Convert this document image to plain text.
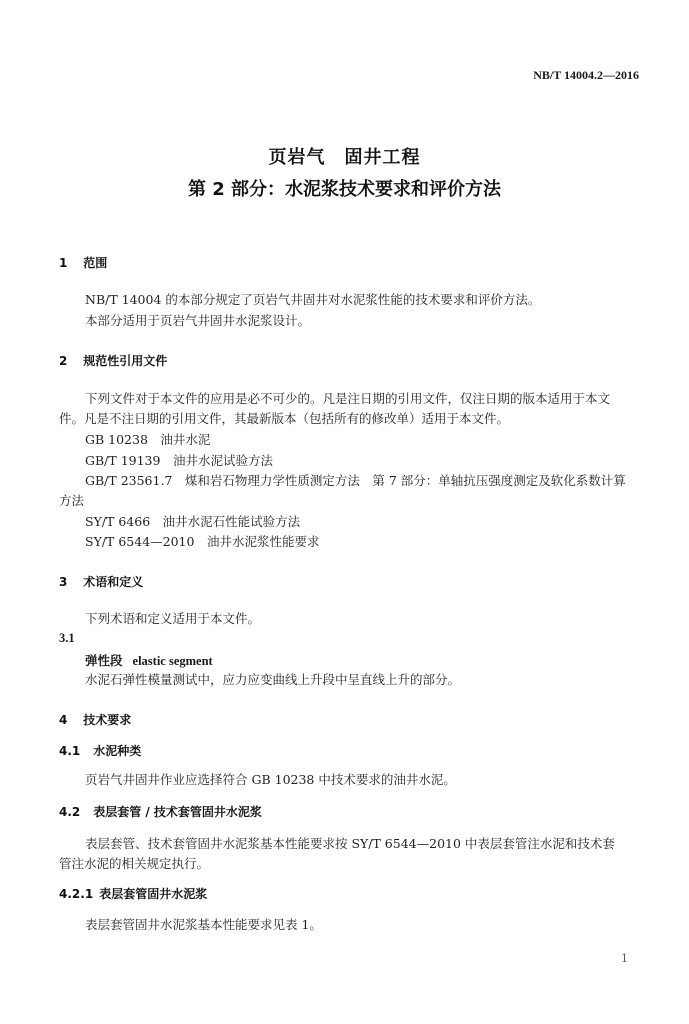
NB/T 14004.2—2016
页岩气　固井工程
第 2 部分：水泥浆技术要求和评价方法
1 范围
NB/T 14004 的本部分规定了页岩气井固井对水泥浆性能的技术要求和评价方法。
本部分适用于页岩气井固井水泥浆设计。
2 规范性引用文件
下列文件对于本文件的应用是必不可少的。凡是注日期的引用文件，仅注日期的版本适用于本文
件。凡是不注日期的引用文件，其最新版本（包括所有的修改单）适用于本文件。
GB 10238　油井水泥
GB/T 19139　油井水泥试验方法
GB/T 23561.7　煤和岩石物理力学性质测定方法　第 7 部分：单轴抗压强度测定及软化系数计算
方法
SY/T 6466　油井水泥石性能试验方法
SY/T 6544—2010　油井水泥浆性能要求
3 术语和定义
下列术语和定义适用于本文件。
3.1
弹性段 elastic segment
水泥石弹性模量测试中，应力应变曲线上升段中呈直线上升的部分。
4 技术要求
4.1 水泥种类
页岩气井固井作业应选择符合 GB 10238 中技术要求的油井水泥。
4.2 表层套管 / 技术套管固井水泥浆
表层套管、技术套管固井水泥浆基本性能要求按 SY/T 6544—2010 中表层套管注水泥和技术套
管注水泥的相关规定执行。
4.2.1 表层套管固井水泥浆
表层套管固井水泥浆基本性能要求见表 1。
1
